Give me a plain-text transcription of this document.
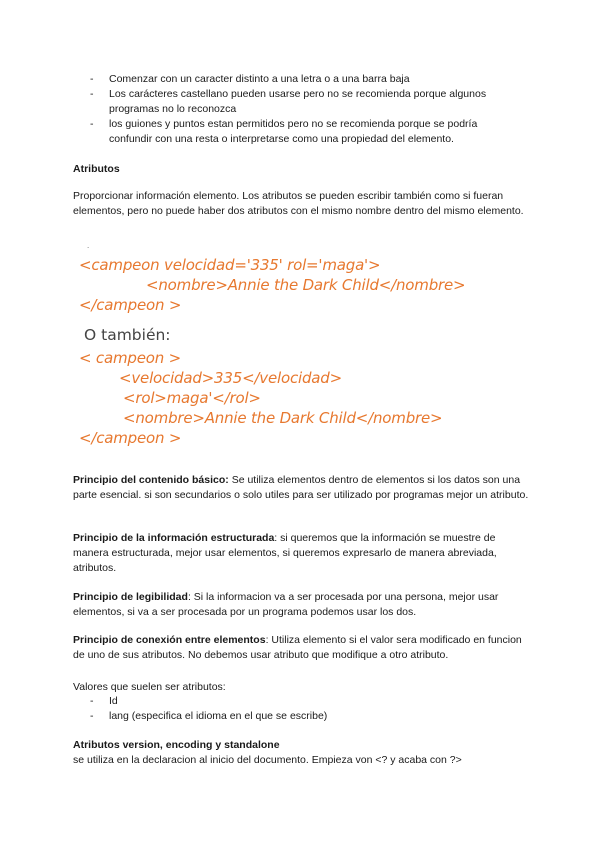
- Comenzar con un caracter distinto a una letra o a una barra baja
- Los carácteres castellano pueden usarse pero no se recomienda porque algunos programas no lo reconozca
- los guiones y puntos estan permitidos pero no se recomienda porque se podría confundir con una resta o interpretarse como una propiedad del elemento.
Atributos
Proporcionar información elemento. Los atributos se pueden escribir también como si fueran elementos, pero no puede haber dos atributos con el mismo nombre dentro del mismo elemento.
.
<campeon velocidad='335' rol='maga'>
<nombre>Annie the Dark Child</nombre>
</campeon >
O también:
< campeon >
<velocidad>335</velocidad>
<rol>maga'</rol>
<nombre>Annie the Dark Child</nombre>
</campeon >
Principio del contenido básico: Se utiliza elementos dentro de elementos si los datos son una parte esencial. si son secundarios o solo utiles para ser utilizado por programas mejor un atributo.
Principio de la información estructurada: si queremos que la información se muestre de manera estructurada, mejor usar elementos, si queremos expresarlo de manera abreviada, atributos.
Principio de legibilidad: Si la informacion va a ser procesada por una persona, mejor usar elementos, si va a ser procesada por un programa podemos usar los dos.
Principio de conexión entre elementos: Utiliza elemento si el valor sera modificado en funcion de uno de sus atributos. No debemos usar atributo que modifique a otro atributo.
Valores que suelen ser atributos:
- Id
- lang (especifica el idioma en el que se escribe)
Atributos version, encoding y standalone
se utiliza en la declaracion al inicio del documento. Empieza von <? y acaba con ?>
